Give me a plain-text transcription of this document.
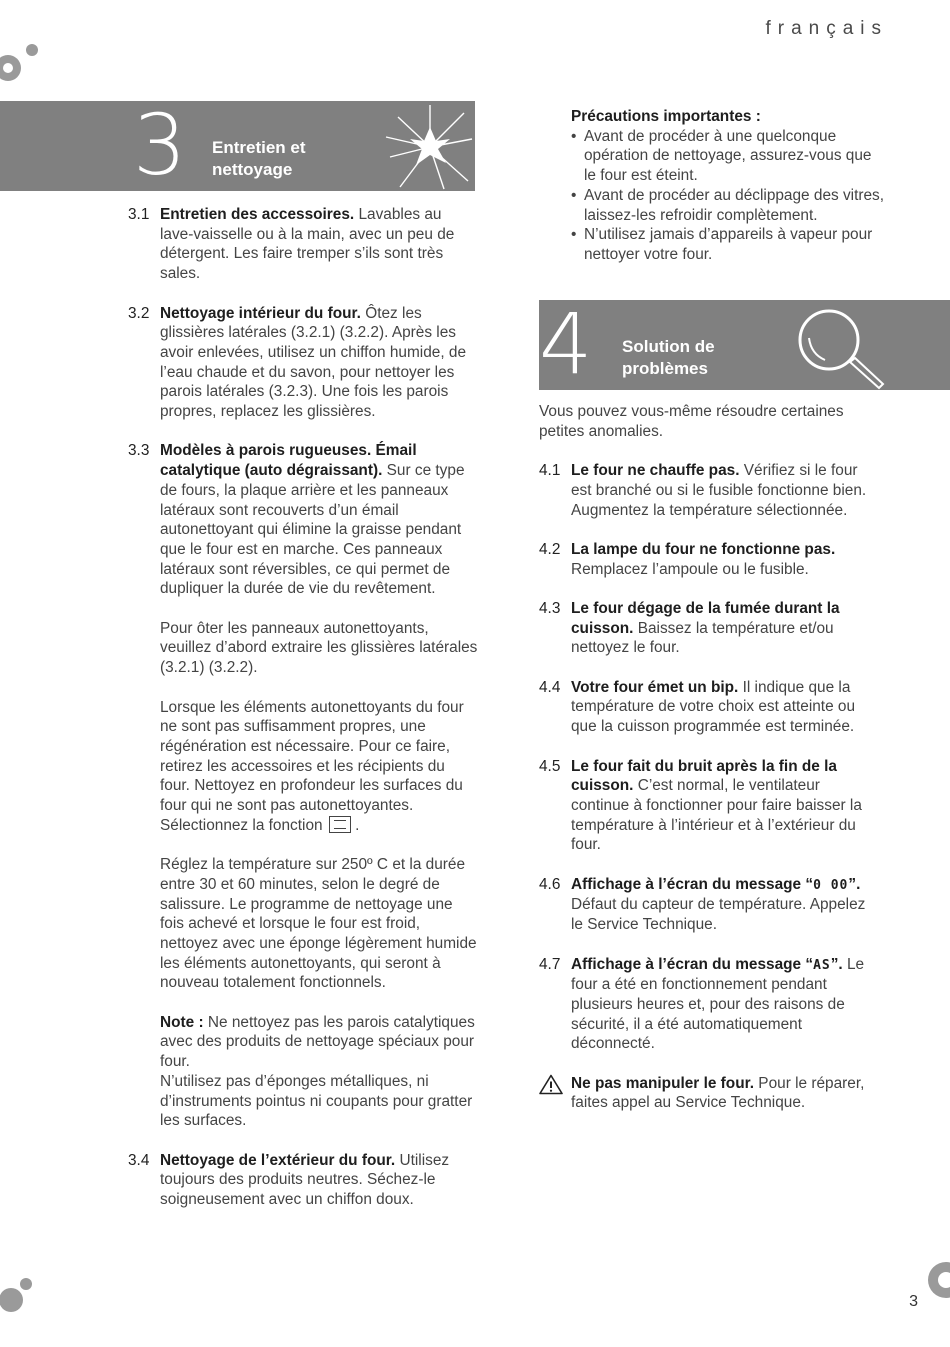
français
3 Entretien et
nettoyage
4 Solution de
problèmes
3.1 Entretien des accessoires. Lavables au lave-vaisselle ou à la main, avec un peu de détergent. Les faire tremper s’ils sont très sales.
3.2 Nettoyage intérieur du four. Ôtez les glissières latérales (3.2.1) (3.2.2). Après les avoir enlevées, utilisez un chiffon humide, de l’eau chaude et du savon, pour nettoyer les parois latérales (3.2.3). Une fois les parois propres, replacez les glissières.
3.3 Modèles à parois rugueuses. Émail catalytique (auto dégraissant). Sur ce type de fours, la plaque arrière et les panneaux latéraux sont recouverts d’un émail autonettoyant qui élimine la graisse pendant que le four est en marche. Ces panneaux latéraux sont réversibles, ce qui permet de dupliquer la durée de vie du revêtement.

Pour ôter les panneaux autonettoyants, veuillez d’abord extraire les glissières latérales (3.2.1) (3.2.2).

Lorsque les éléments autonettoyants du four ne sont pas suffisamment propres, une régénération est nécessaire. Pour ce faire, retirez les accessoires et les récipients du four. Nettoyez en profondeur les surfaces du four qui ne sont pas autonettoyantes. Sélectionnez la fonction  .

Réglez la température sur 250º C et la durée entre 30 et 60 minutes, selon le degré de salissure. Le programme de nettoyage une fois achevé et lorsque le four est froid, nettoyez avec une éponge légèrement humide les éléments autonettoyants, qui seront à nouveau totalement fonctionnels.

Note : Ne nettoyez pas les parois catalytiques avec des produits de nettoyage spéciaux pour four.

N’utilisez pas d’éponges métalliques, ni d’instruments pointus ni coupants pour gratter les surfaces.

3.4 Nettoyage de l’extérieur du four. Utilisez toujours des produits neutres. Séchez-le soigneusement avec un chiffon doux.
Précautions importantes :
• Avant de procéder à une quelconque opération de nettoyage, assurez-vous que le four est éteint.
• Avant de procéder au déclippage des vitres, laissez-les refroidir complètement.
• N’utilisez jamais d’appareils à vapeur pour nettoyer votre four.

Vous pouvez vous-même résoudre certaines petites anomalies.

4.1 Le four ne chauffe pas. Vérifiez si le four est branché ou si le fusible fonctionne bien. Augmentez la température sélectionnée.
4.2 La lampe du four ne fonctionne pas. Remplacez l’ampoule ou le fusible.
4.3 Le four dégage de la fumée durant la cuisson. Baissez la température et/ou nettoyez le four.
4.4 Votre four émet un bip. Il indique que la température de votre choix est atteinte ou que la cuisson programmée est terminée.
4.5 Le four fait du bruit après la fin de la cuisson. C’est normal, le ventilateur continue à fonctionner pour faire baisser la température à l’intérieur et à l’extérieur du four.
4.6 Affichage à l’écran du message “0 00”. Défaut du capteur de température. Appelez le Service Technique.
4.7 Affichage à l’écran du message “AS”. Le four a été en fonctionnement pendant plusieurs heures et, pour des raisons de sécurité, il a été automatiquement déconnecté.
Ne pas manipuler le four. Pour le réparer, faites appel au Service Technique.
3
